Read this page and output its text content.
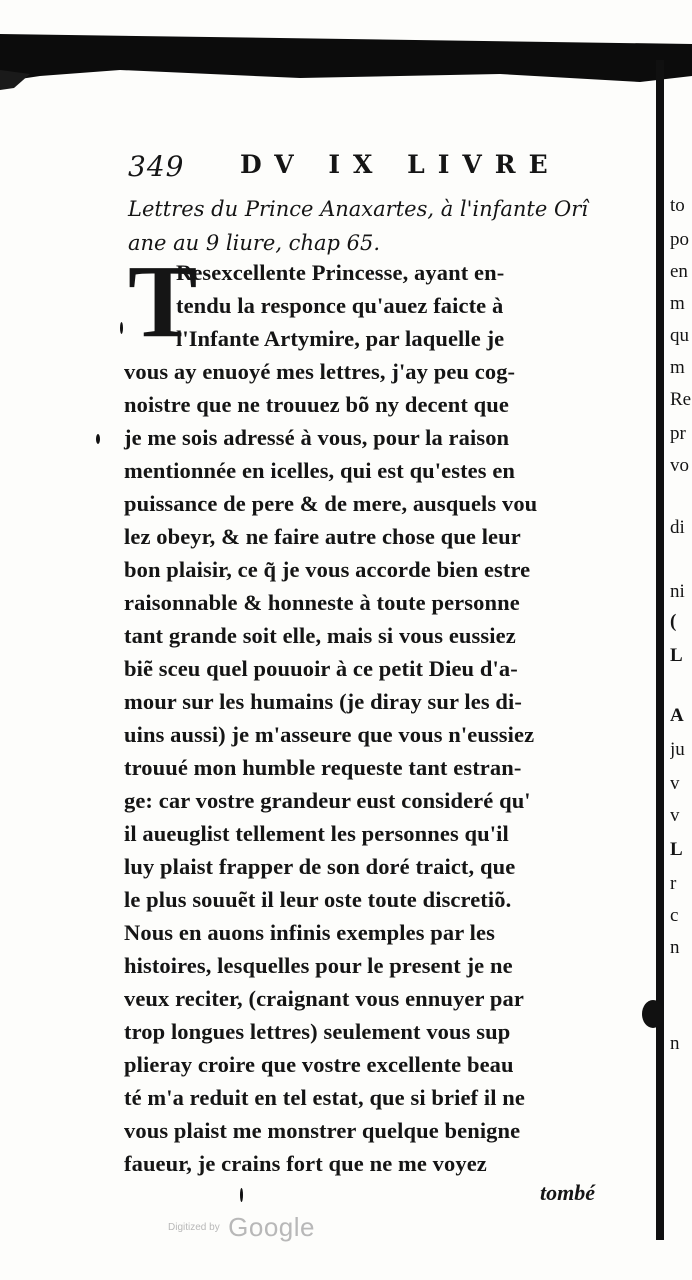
349 DV IX LIVRE
Lettres du Prince Anaxartes, à l'infante Orî
ane au 9 liure, chap 65.
T
Resexcellente Princesse, ayant en-
tendu la responce qu'auez faicte à
l'Infante Artymire, par laquelle je
vous ay enuoyé mes lettres, j'ay peu cog-
noistre que ne trouuez bõ ny decent que
je me sois adressé à vous, pour la raison
mentionnée en icelles, qui est qu'estes en
puissance de pere & de mere, ausquels vou
lez obeyr, & ne faire autre chose que leur
bon plaisir, ce q̃ je vous accorde bien estre
raisonnable & honneste à toute personne
tant grande soit elle, mais si vous eussiez
biẽ sceu quel pouuoir à ce petit Dieu d'a-
mour sur les humains (je diray sur les di-
uins aussi) je m'asseure que vous n'eussiez
trouué mon humble requeste tant estran-
ge: car vostre grandeur eust consideré qu'
il aueuglist tellement les personnes qu'il
luy plaist frapper de son doré traict, que
le plus souuẽt il leur oste toute discretiõ.
Nous en auons infinis exemples par les
histoires, lesquelles pour le present je ne
veux reciter, (craignant vous ennuyer par
trop longues lettres) seulement vous sup
plieray croire que vostre excellente beau
té m'a reduit en tel estat, que si brief il ne
vous plaist me monstrer quelque benigne
faueur, je crains fort que ne me voyez
tombé
to
po
en
m
qu
m
Re
pr
vo
di
ni
(
L
A
ju
v
v
L
r
c
n
n
Digitized by Google
